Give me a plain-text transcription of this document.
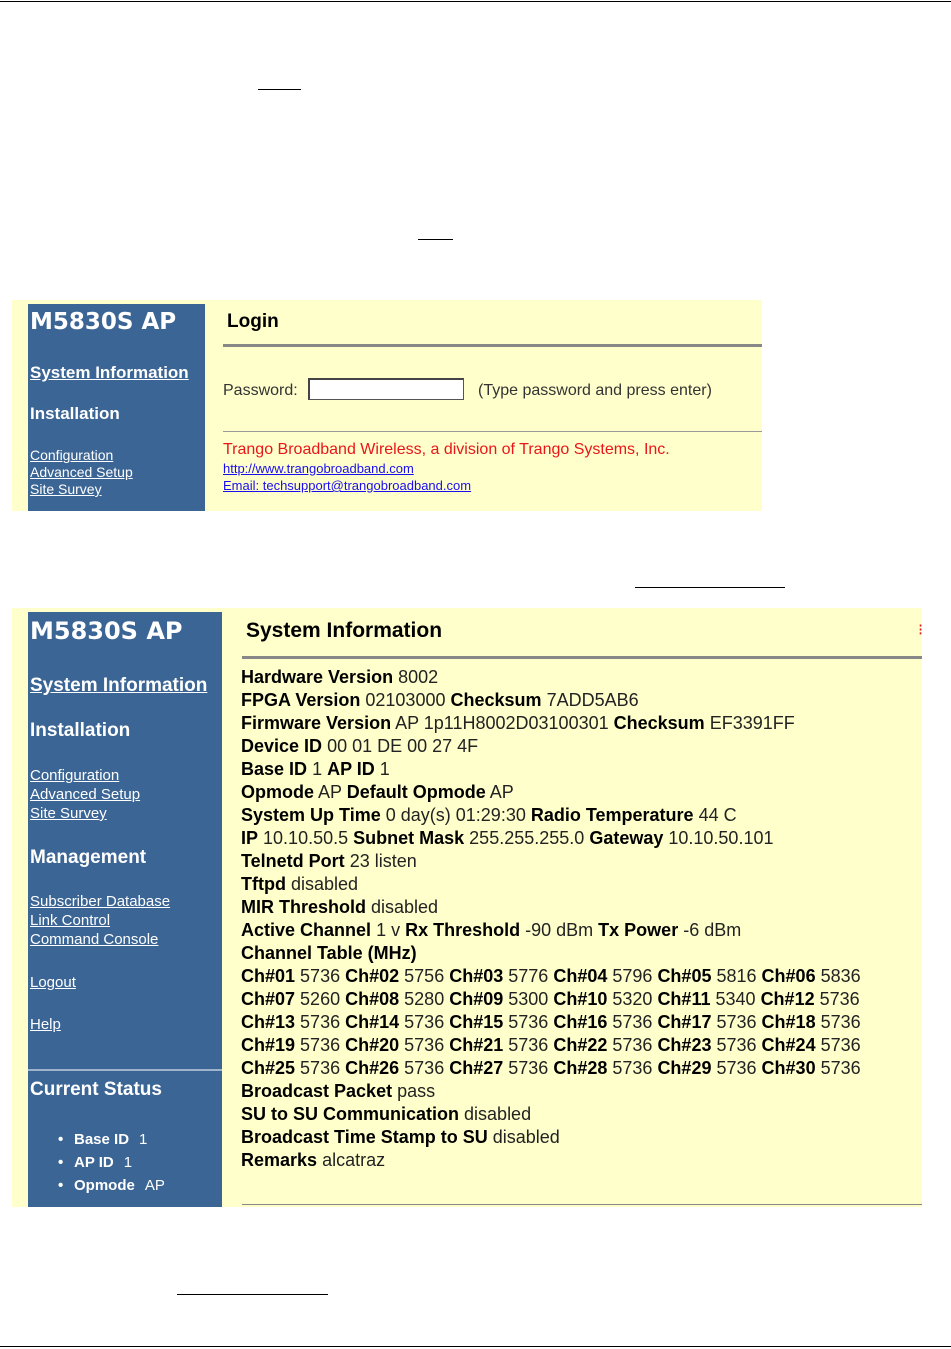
M5830S AP
System Information
Installation
Configuration
Advanced Setup
Site Survey
Login
Password:	(Type password and press enter)
Trango Broadband Wireless, a division of Trango Systems, Inc.
http://www.trangobroadband.com
Email: techsupport@trangobroadband.com
M5830S AP
System Information
Installation
Configuration
Advanced Setup
Site Survey
Management
Subscriber Database
Link Control
Command Console
Logout
Help
Current Status
• Base ID 1
• AP ID 1
• Opmode AP
System Information	⁝
Hardware Version 8002
FPGA Version 02103000 Checksum 7ADD5AB6
Firmware Version AP 1p11H8002D03100301 Checksum EF3391FF
Device ID 00 01 DE 00 27 4F
Base ID 1 AP ID 1
Opmode AP Default Opmode AP
System Up Time 0 day(s) 01:29:30 Radio Temperature 44 C
IP 10.10.50.5 Subnet Mask 255.255.255.0 Gateway 10.10.50.101
Telnetd Port 23 listen
Tftpd disabled
MIR Threshold disabled
Active Channel 1 v Rx Threshold -90 dBm Tx Power -6 dBm
Channel Table (MHz)
Ch#01 5736 Ch#02 5756 Ch#03 5776 Ch#04 5796 Ch#05 5816 Ch#06 5836
Ch#07 5260 Ch#08 5280 Ch#09 5300 Ch#10 5320 Ch#11 5340 Ch#12 5736
Ch#13 5736 Ch#14 5736 Ch#15 5736 Ch#16 5736 Ch#17 5736 Ch#18 5736
Ch#19 5736 Ch#20 5736 Ch#21 5736 Ch#22 5736 Ch#23 5736 Ch#24 5736
Ch#25 5736 Ch#26 5736 Ch#27 5736 Ch#28 5736 Ch#29 5736 Ch#30 5736
Broadcast Packet pass
SU to SU Communication disabled
Broadcast Time Stamp to SU disabled
Remarks alcatraz
